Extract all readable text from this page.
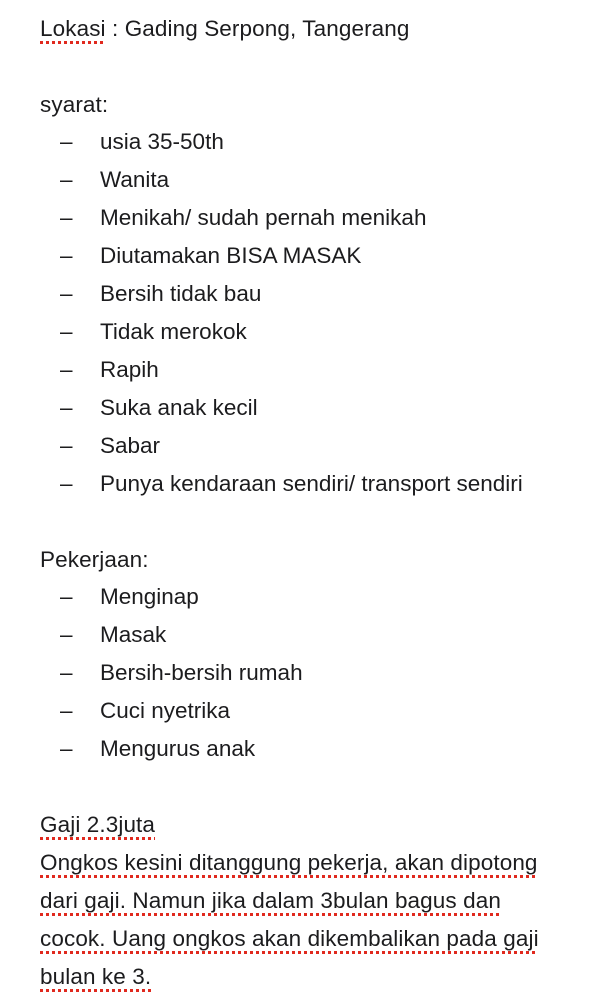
Lokasi : Gading Serpong, Tangerang
syarat:
– usia 35-50th
– Wanita
– Menikah/ sudah pernah menikah
– Diutamakan BISA MASAK
– Bersih tidak bau
– Tidak merokok
– Rapih
– Suka anak kecil
– Sabar
– Punya kendaraan sendiri/ transport sendiri
Pekerjaan:
– Menginap
– Masak
– Bersih-bersih rumah
– Cuci nyetrika
– Mengurus anak
Gaji 2.3juta
Ongkos kesini ditanggung pekerja, akan dipotong
dari gaji. Namun jika dalam 3bulan bagus dan
cocok. Uang ongkos akan dikembalikan pada gaji
bulan ke 3.
